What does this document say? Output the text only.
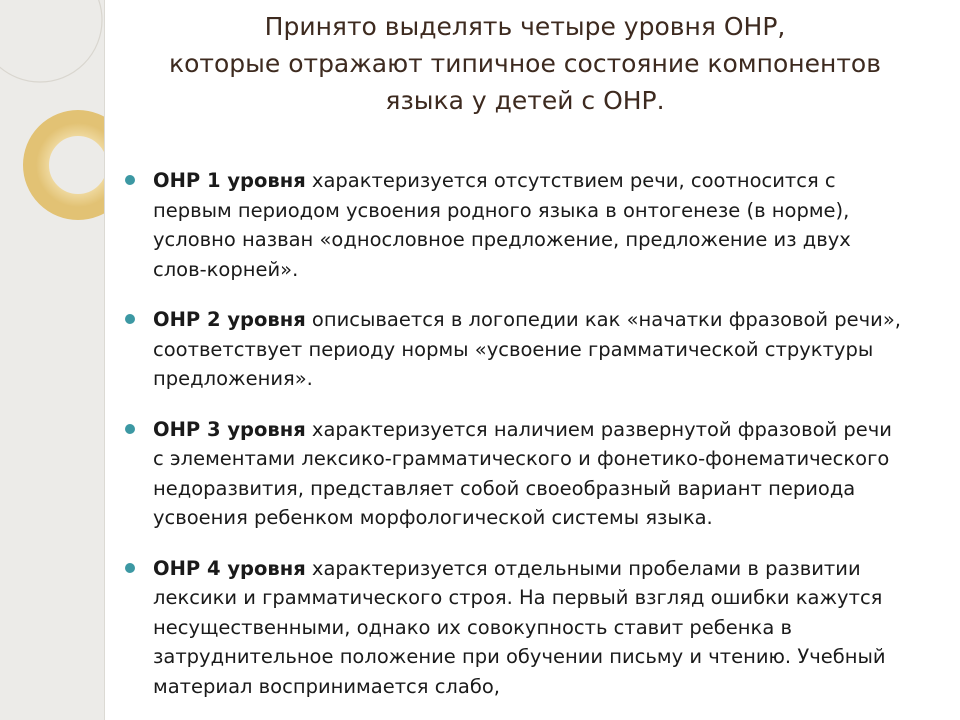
Принято выделять четыре уровня ОНР,
которые отражают типичное состояние компонентов
языка у детей с ОНР.
ОНР 1 уровня характеризуется отсутствием речи, соотносится с первым периодом усвоения родного языка в онтогенезе (в норме), условно назван «однословное предложение, предложение из двух слов-корней».
ОНР 2 уровня описывается в логопедии как «начатки фразовой речи», соответствует периоду нормы «усвоение грамматической структуры предложения».
ОНР 3 уровня характеризуется наличием развернутой фразовой речи с элементами лексико-грамматического и фонетико-фонематического недоразвития, представляет собой своеобразный вариант периода усвоения ребенком морфологической системы языка.
ОНР 4 уровня характеризуется отдельными пробелами в развитии лексики и грамматического строя. На первый взгляд ошибки кажутся несущественными, однако их совокупность ставит ребенка в затруднительное положение при обучении письму и чтению. Учебный материал воспринимается слабо,
